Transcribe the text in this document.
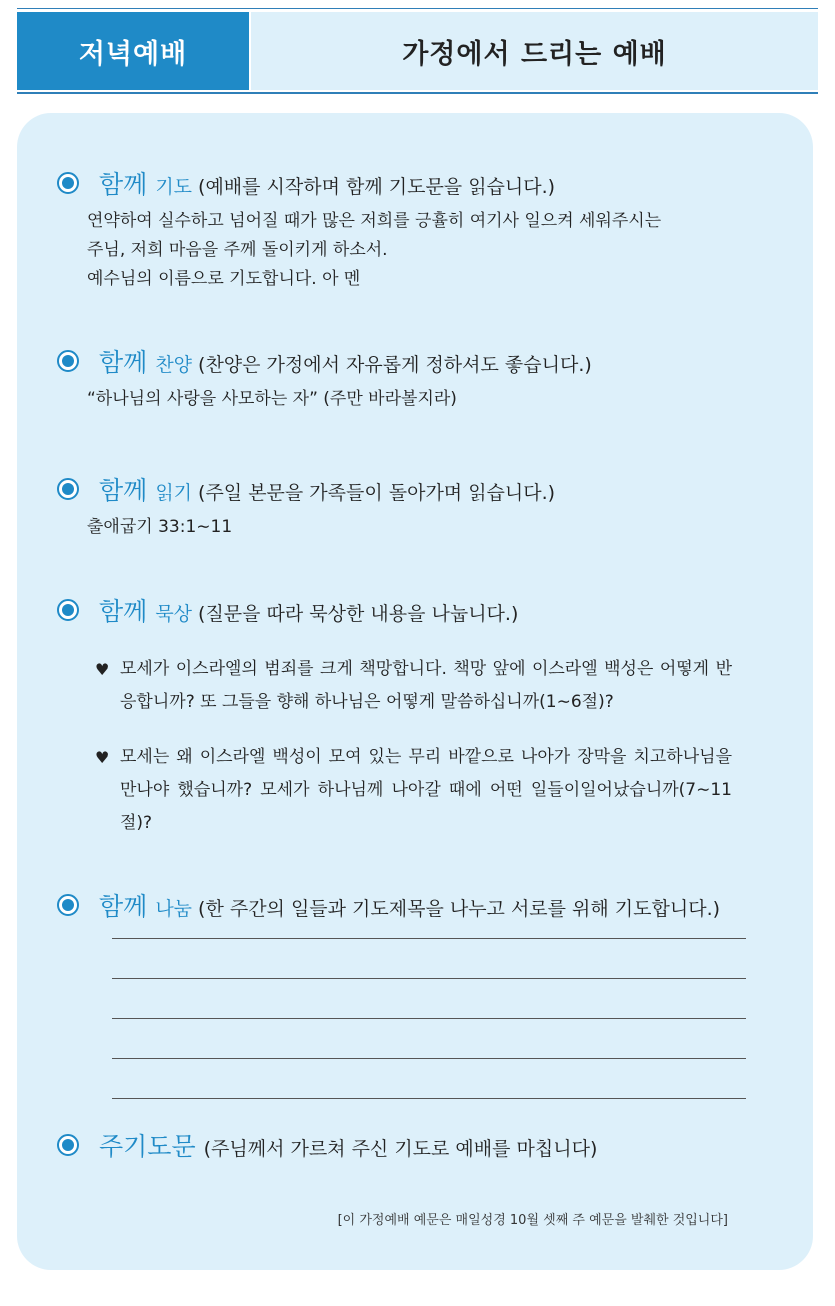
저녁예배	가정에서 드리는 예배
함께 기도 (예배를 시작하며 함께 기도문을 읽습니다.)
연약하여 실수하고 넘어질 때가 많은 저희를 긍휼히 여기사 일으켜 세워주시는
주님, 저희 마음을 주께 돌이키게 하소서.
예수님의 이름으로 기도합니다. 아 멘
함께 찬양 (찬양은 가정에서 자유롭게 정하셔도 좋습니다.)
“하나님의 사랑을 사모하는 자” (주만 바라볼지라)
함께 읽기 (주일 본문을 가족들이 돌아가며 읽습니다.)
출애굽기 33:1∼11
함께 묵상 (질문을 따라 묵상한 내용을 나눕니다.)
♥ 모세가 이스라엘의 범죄를 크게 책망합니다. 책망 앞에 이스라엘 백성은 어떻게 반응합니까? 또 그들을 향해 하나님은 어떻게 말씀하십니까(1∼6절)?
♥ 모세는 왜 이스라엘 백성이 모여 있는 무리 바깥으로 나아가 장막을 치고하나님을 만나야 했습니까? 모세가 하나님께 나아갈 때에 어떤 일들이일어났습니까(7∼11절)?
함께 나눔 (한 주간의 일들과 기도제목을 나누고 서로를 위해 기도합니다.)
주기도문 (주님께서 가르쳐 주신 기도로 예배를 마칩니다)
[이 가정예배 예문은 매일성경 10월 셋째 주 예문을 발췌한 것입니다]
